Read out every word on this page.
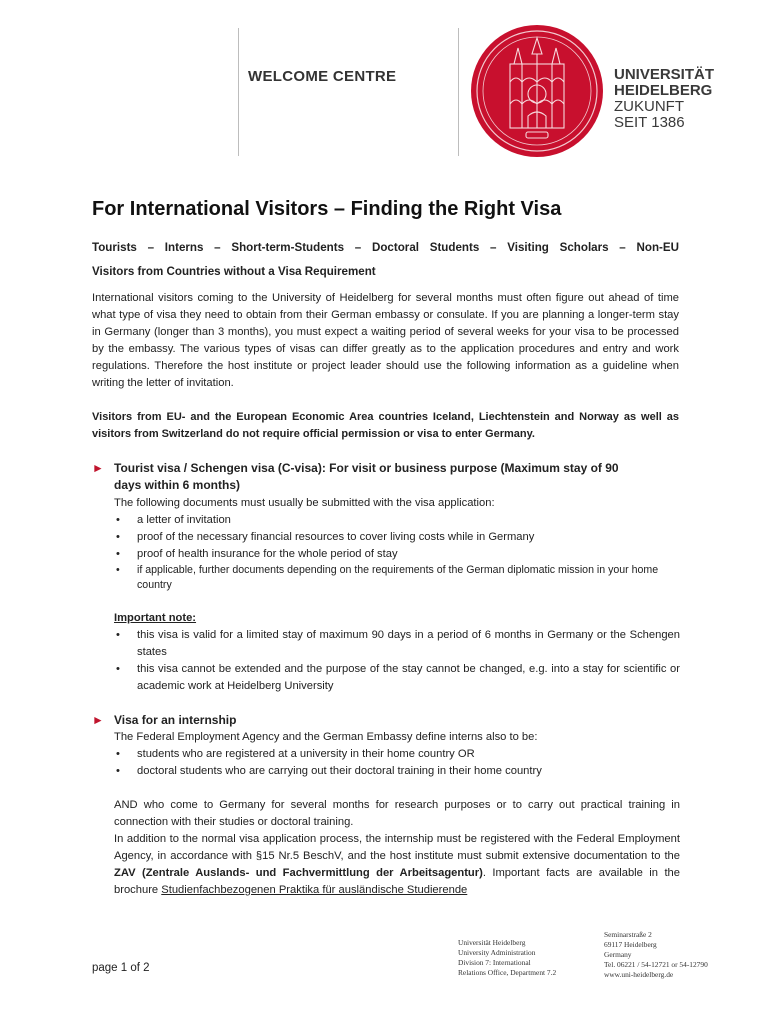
WELCOME CENTRE	UNIVERSITÄT
HEIDELBERG
ZUKUNFT
SEIT 1386
For International Visitors – Finding the Right Visa
Tourists – Interns – Short-term-Students – Doctoral Students – Visiting Scholars – Non-EU
Visitors from Countries without a Visa Requirement
International visitors coming to the University of Heidelberg for several months must often figure out ahead of time what type of visa they need to obtain from their German embassy or consulate. If you are planning a longer-term stay in Germany (longer than 3 months), you must expect a waiting period of several weeks for your visa to be processed by the embassy. The various types of visas can differ greatly as to the application procedures and entry and work regulations. Therefore the host institute or project leader should use the following information as a guideline when writing the letter of invitation.
Visitors from EU- and the European Economic Area countries Iceland, Liechtenstein and Norway as well as visitors from Switzerland do not require official permission or visa to enter Germany.
► Tourist visa / Schengen visa (C-visa): For visit or business purpose (Maximum stay of 90
days within 6 months)
The following documents must usually be submitted with the visa application:
• a letter of invitation
• proof of the necessary financial resources to cover living costs while in Germany
• proof of health insurance for the whole period of stay
• if applicable, further documents depending on the requirements of the German diplomatic mission in your home country
Important note:
• this visa is valid for a limited stay of maximum 90 days in a period of 6 months in Germany or the Schengen states
• this visa cannot be extended and the purpose of the stay cannot be changed, e.g. into a stay for scientific or academic work at Heidelberg University
► Visa for an internship
The Federal Employment Agency and the German Embassy define interns also to be:
• students who are registered at a university in their home country OR
• doctoral students who are carrying out their doctoral training in their home country
AND who come to Germany for several months for research purposes or to carry out practical training in connection with their studies or doctoral training.
In addition to the normal visa application process, the internship must be registered with the Federal Employment Agency, in accordance with §15 Nr.5 BeschV, and the host institute must submit extensive documentation to the ZAV (Zentrale Auslands- und Fachvermittlung der Arbeitsagentur). Important facts are available in the brochure Studienfachbezogenen Praktika für ausländische Studierende
page 1 of 2
Universität Heidelberg
University Administration
Division 7: International
Relations Office, Department 7.2
Seminarstraße 2
69117 Heidelberg
Germany
Tel. 06221 / 54-12721 or 54-12790
www.uni-heidelberg.de
